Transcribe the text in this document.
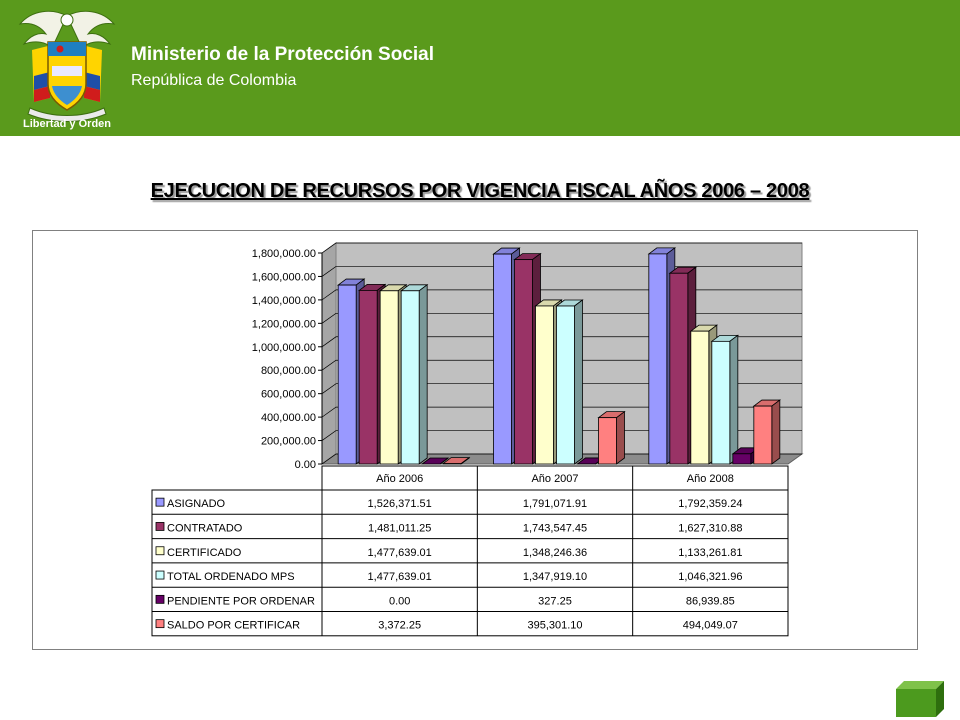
Libertad y Orden
Ministerio de la Protección Social
República de Colombia
EJECUCION DE RECURSOS POR VIGENCIA FISCAL AÑOS 2006 – 2008
0.00
200,000.00
400,000.00
600,000.00
800,000.00
1,000,000.00
1,200,000.00
1,400,000.00
1,600,000.00
1,800,000.00
Año 2006	Año 2007	Año 2008
ASIGNADO	1,526,371.51	1,791,071.91	1,792,359.24
CONTRATADO	1,481,011.25	1,743,547.45	1,627,310.88
CERTIFICADO	1,477,639.01	1,348,246.36	1,133,261.81
TOTAL ORDENADO MPS	1,477,639.01	1,347,919.10	1,046,321.96
PENDIENTE POR ORDENAR	0.00	327.25	86,939.85
SALDO POR CERTIFICAR	3,372.25	395,301.10	494,049.07
